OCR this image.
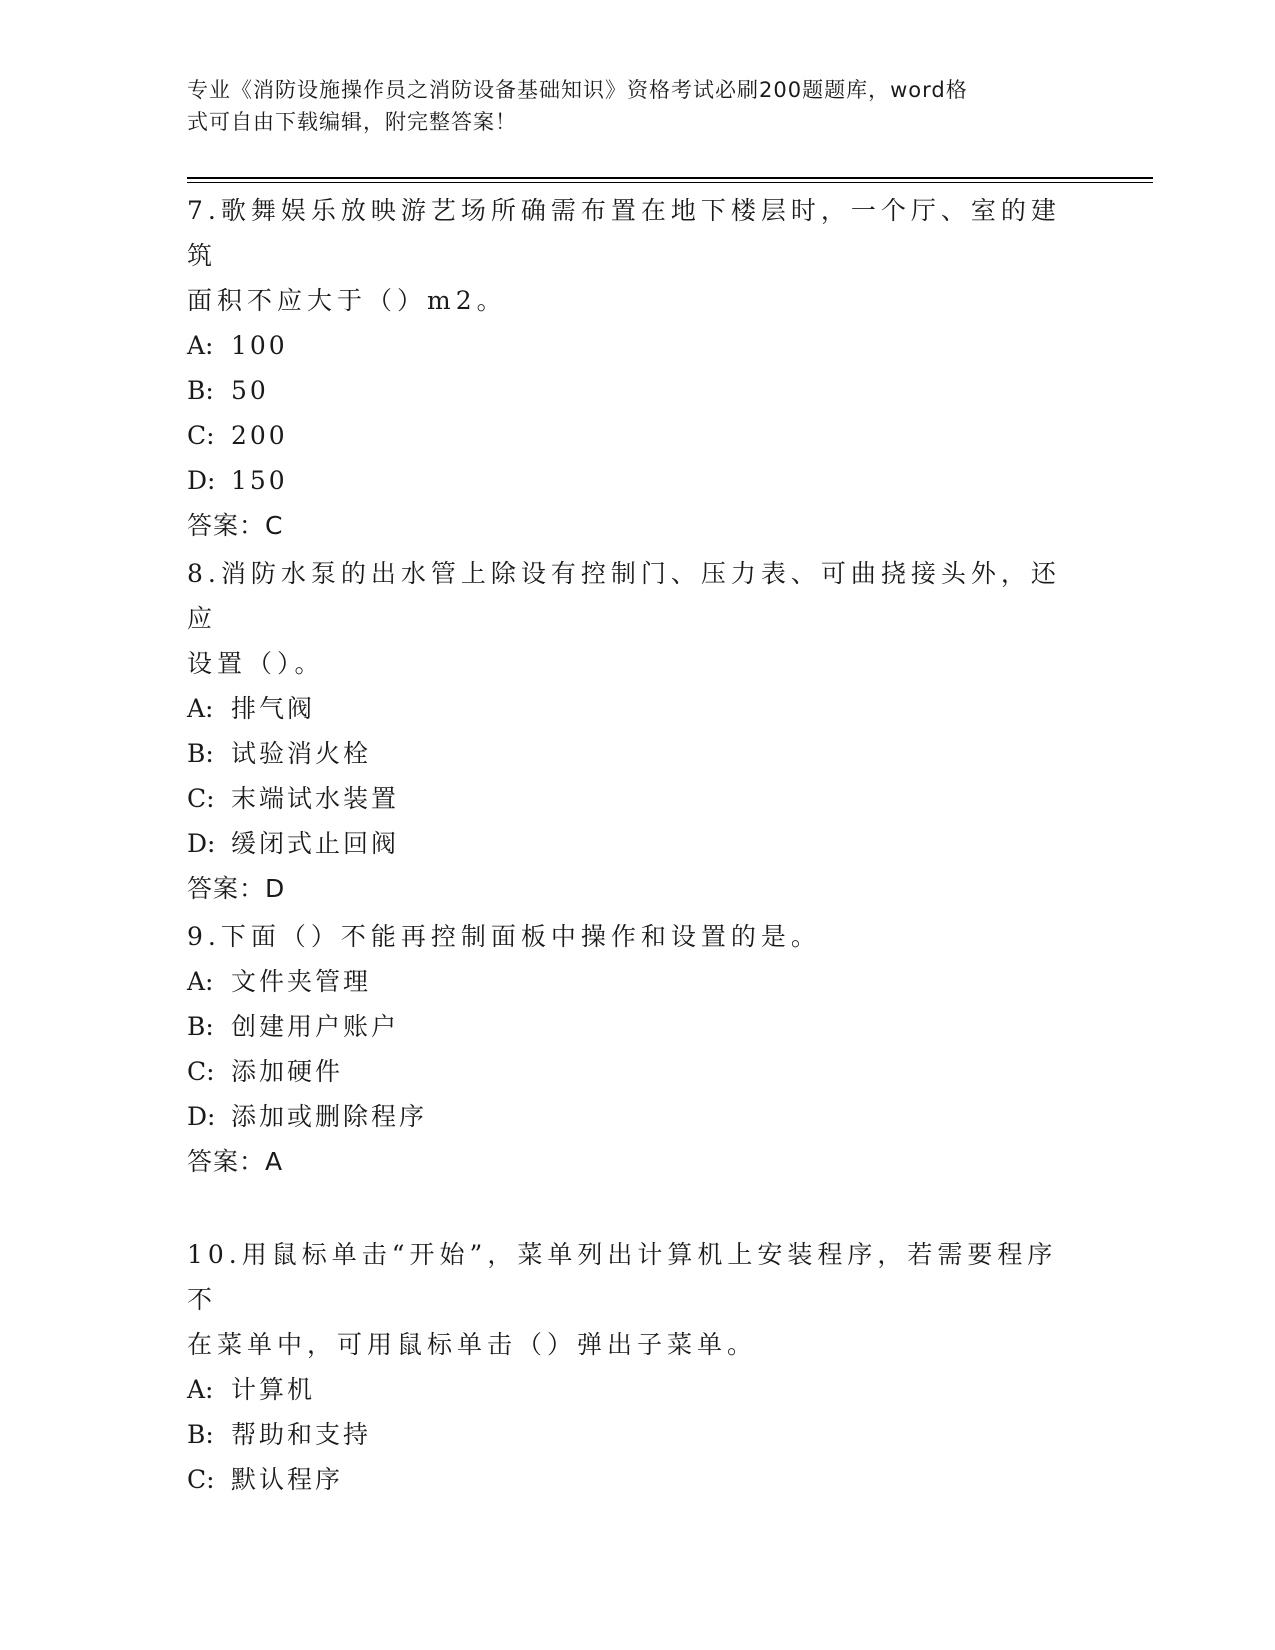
专业《消防设施操作员之消防设备基础知识》资格考试必刷200题题库，word格
式可自由下载编辑，附完整答案！
7.歌舞娱乐放映游艺场所确需布置在地下楼层时，一个厅、室的建筑
面积不应大于（）m2。
A: 100
B: 50
C: 200
D: 150
答案：C
8.消防水泵的出水管上除设有控制门、压力表、可曲挠接头外，还应
设置（）。
A: 排气阀
B: 试验消火栓
C: 末端试水装置
D: 缓闭式止回阀
答案：D
9.下面（）不能再控制面板中操作和设置的是。
A: 文件夹管理
B: 创建用户账户
C: 添加硬件
D: 添加或删除程序
答案：A
10.用鼠标单击“开始”，菜单列出计算机上安装程序，若需要程序不
在菜单中，可用鼠标单击（）弹出子菜单。
A: 计算机
B: 帮助和支持
C: 默认程序
